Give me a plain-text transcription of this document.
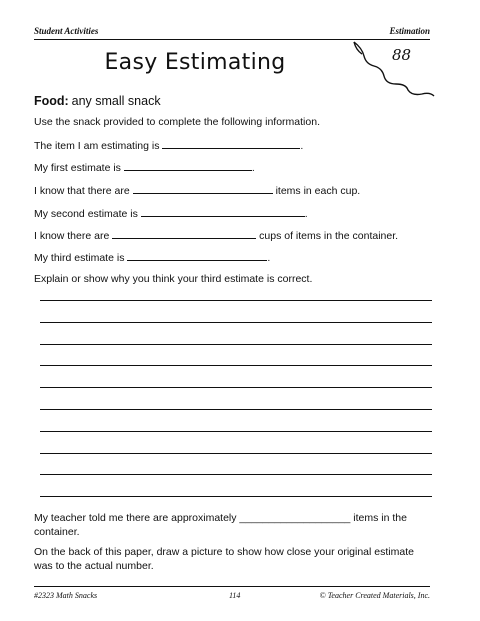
Student Activities	Estimation
Easy Estimating	88
Food: any small snack
Use the snack provided to complete the following information.
The item I am estimating is	.
My first estimate is	.
I know that there are	items in each cup.
My second estimate is	.
I know there are	cups of items in the container.
My third estimate is	.
Explain or show why you think your third estimate is correct.
My teacher told me there are approximately ___________________ items in the container.
On the back of this paper, draw a picture to show how close your original estimate was to the actual number.
#2323 Math Snacks	114	© Teacher Created Materials, Inc.
